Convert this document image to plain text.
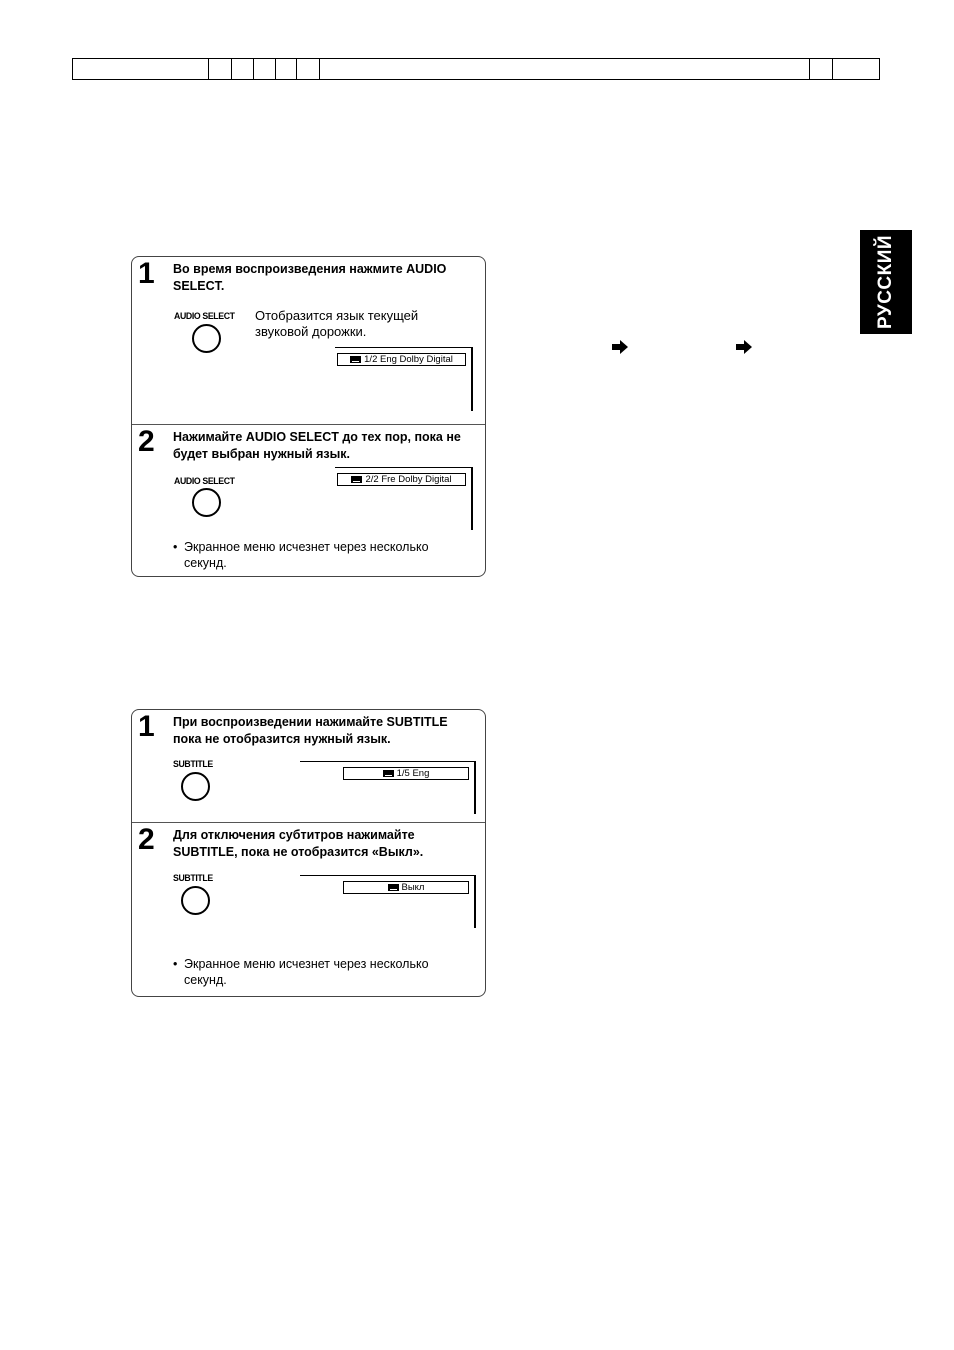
РУССКИЙ
1 Во время воспроизведения нажмите AUDIO SELECT.
AUDIO SELECT Отобразится язык текущей звуковой дорожки.
1/2 Eng Dolby Digital
2 Нажимайте AUDIO SELECT до тех пор, пока не будет выбран нужный язык.
AUDIO SELECT	2/2 Fre Dolby Digital
• Экранное меню исчезнет через несколько
секунд.
1 При воспроизведении нажимайте SUBTITLE пока не отобразится нужный язык.
SUBTITLE
1/5 Eng
2 Для отключения субтитров нажимайте SUBTITLE, пока не отобразится «Выкл».
SUBTITLE
Выкл
• Экранное меню исчезнет через несколько
секунд.
